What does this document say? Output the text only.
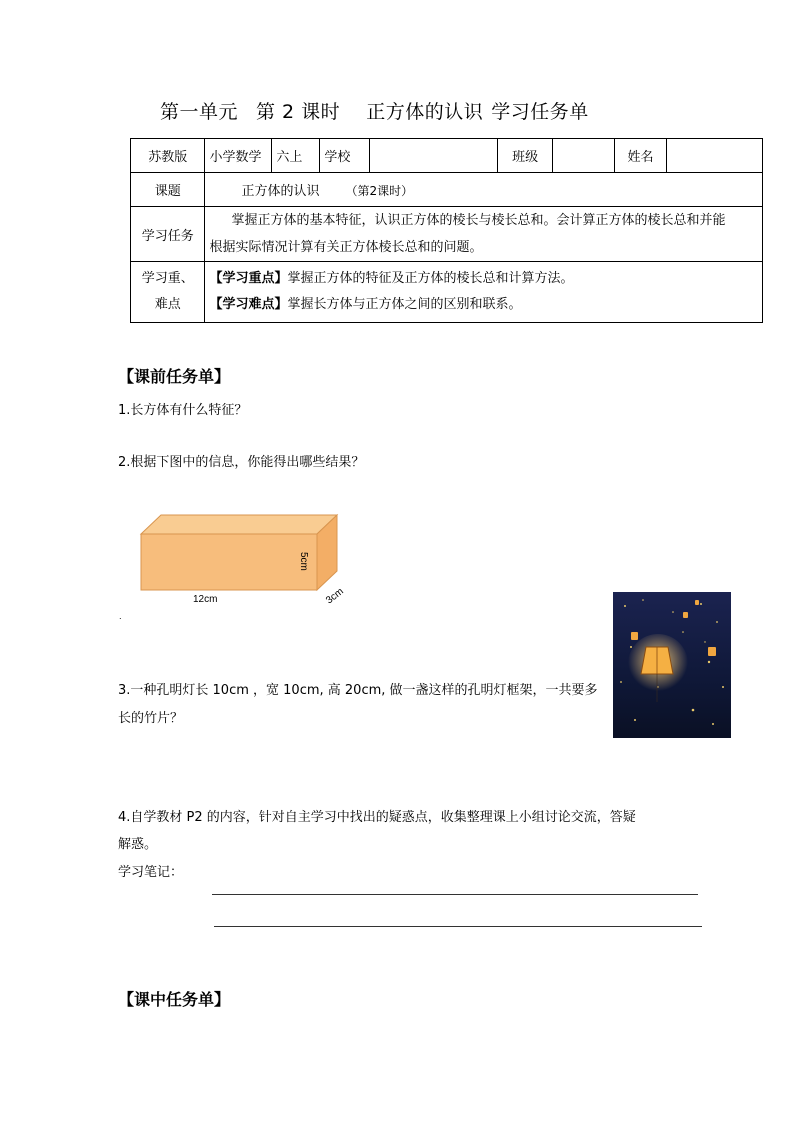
第一单元 第 2 课时 正方体的认识 学习任务单
苏教版	小学数学	六上	学校		班级		姓名	
课题	正方体的认识 （第2课时）							
学习任务	掌握正方体的基本特征，认识正方体的棱长与棱长总和。会计算正方体的棱长总和并能
根据实际情况计算有关正方体棱长总和的问题。							
学习重、
难点	【学习重点】掌握正方体的特征及正方体的棱长总和计算方法。
【学习难点】掌握长方体与正方体之间的区别和联系。							
【课前任务单】
1.长方体有什么特征？
2.根据下图中的信息，你能得出哪些结果？
5cm
12cm	3cm
.
3.一种孔明灯长 10cm ，宽 10cm, 高 20cm, 做一盏这样的孔明灯框架，一共要多
长的竹片？
4.自学教材 P2 的内容，针对自主学习中找出的疑惑点，收集整理课上小组讨论交流，答疑
解惑。
学习笔记：
【课中任务单】
